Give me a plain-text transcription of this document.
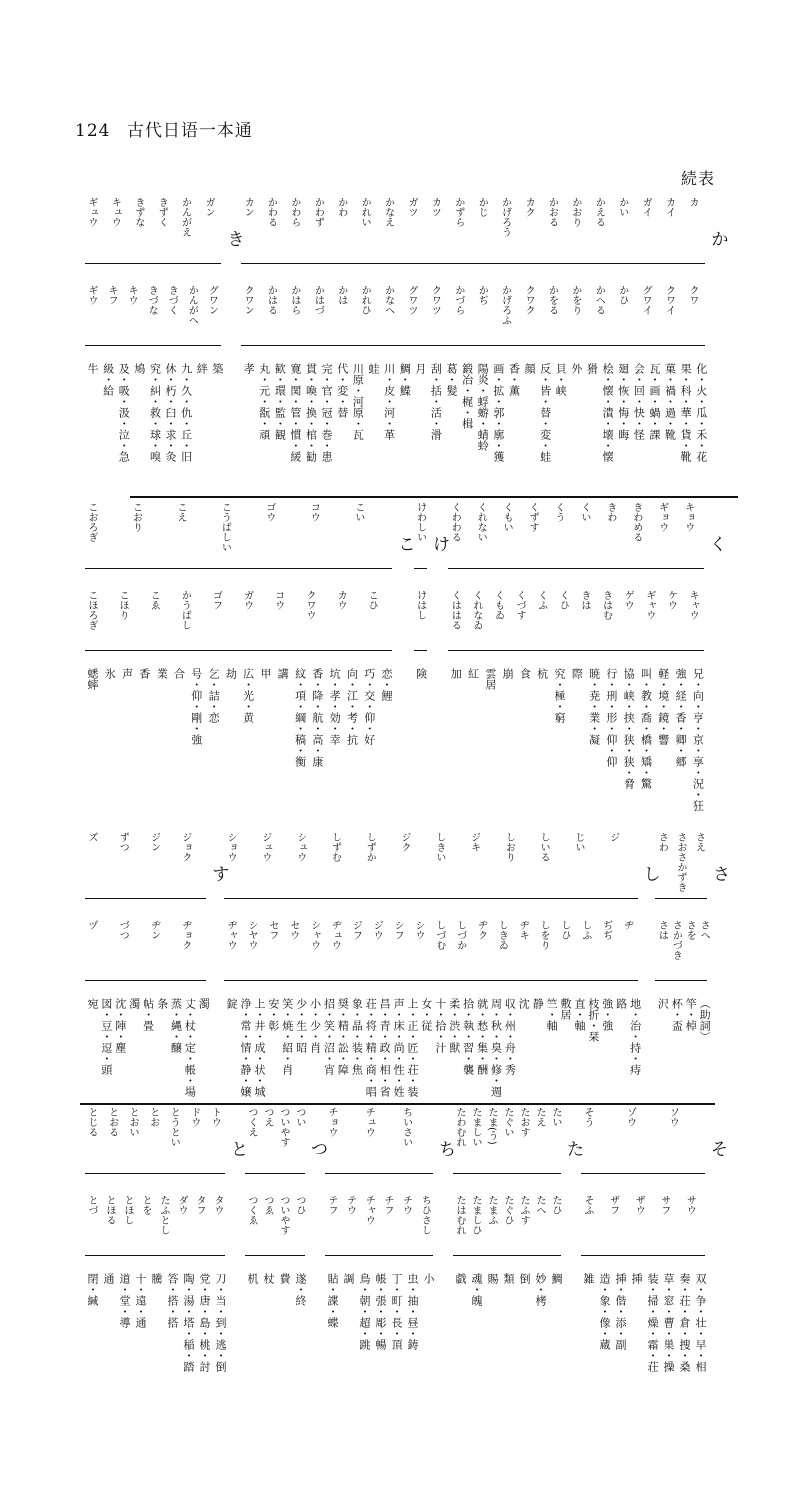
124 古代日语一本通
続表
か
カ
カイ
ガイ
かい
かえる
かおり
かおる
カク
かげろう
かじ
かずら
カツ
ガツ
かなえ
かれい
かわ
かわず
かわら
かわる
カン
クワ
クワイ
グワイ
かひ
かへる
かをり
かをる
クワク
かげろふ
かぢ
かづら
クワツ
グワツ
かなへ
かれひ
かは
かはづ
かはら
かはる
クワン
化・火・瓜・禾・花
果・科・華・貨・靴
菓・禍・過・靴
瓦・画・蝸・課
会・回・快・怪
廻・恢・悔・晦
桧・懐・潰・壊・懐
猾
外
貝・峡
反・皆・替・変・蛙
顔
香・薫
画・拡・郭・廓・獲
陽炎・蜉蝣・蜻蛉
鍛冶・梶・楫
葛・髪
刮・括・活・滑
月
鯛・鰈
川・皮・河・革
蛙
川原・河原・瓦
代・変・替
完・官・冠・巻・患
貫・喚・換・棺・勧
寛・関・管・慣・緩
歓・環・監・観
丸・元・翫・頑
孝
き
ガン
かんがえ
きずく
きずな
キュウ
ギュウ
グワン
かんがへ
きづく
きづな
キウ
キフ
ギウ
築
絆
九・久・仇・丘・旧
休・朽・臼・求・灸
究・糾・救・球・嗅
鳩
及・吸・汲・泣・急
級・給
牛
く
キョウ
ギョウ
きわめる
きわ
くい
くう
くずす
くもい
くれない
くわわる
キャウ
ケウ
ギャウ
ゲウ
きはむ
きは
くひ
くふ
くづす
くもゐ
くれなゐ
くははる
兄・向・亨・京・享・況・狂
強・経・香・卿・郷
軽・境・鏡・響
叫・教・喬・橋・矯・驚
協・峡・挟・狭・狭・脅
行・刑・形・仰・仰
暁・尭・業・凝
際
究・極・窮
杭
食
崩
雲居
紅
加
け
けわしい
けはし
険
こ
こい
コウ
ゴウ
こうばしい
こえ
こおり
こおろぎ
こひ
カウ
クワウ
コウ
ガウ
ゴフ
かうばし
こゑ
こほり
こほろぎ
恋・鯉
巧・交・仰・好
向・江・考・抗
坑・孝・効・幸
香・降・航・高・康
紋・項・綱・稿・衡
講
甲
広・光・黄
劫
乞・詰・恋
号・仰・剛・強
合
業
香
声
氷
蟋蟀
さ
さえ
さおさかずき
さわ
さへ
さを
さかづき
さは
（助詞）
竿・棹
杯・盃
沢
し
ジ
じい
しいる
しおり
ジキ
しきい
ジク
しずか
しずむ
シュウ
ジュウ
ショウ
ヂ
ぢぢ
しふ
しひ
しをり
ヂキ
しきゐ
ヂク
しづか
しづむ
シウ
シフ
ジウ
ジフ
ヂュウ
シャウ
セウ
セフ
シヤウ
ヂャウ
地・治・持・痔
路
強・強
枝折・栞
直・軸
敷居
竺・軸
静
沈
収・州・舟・秀
周・秋・臭・修・週
就・愁・集・酬
拾・執・習・襲
柔・渋・獣
十・拾・汁
女・従
上・正・匠・荘・装
声・床・尚・性・姓
昌・青・政・相・省
荘・将・精・商・唱
象・晶・装・焦
奨・精・訟・障
招・笑・沼・宵
小・少・肖
少・生・昭
笑・焼・紹・肖
安・彰
上・井・成・状・城
浄・常・情・静・嬢
錠
す
ジョク
ジン
ずつ
ズ
ヂョク
ヂン
づつ
ヅ
濁
丈・杖・定・帳・場
蒸・縄・醸
条
帖・畳
濁
沈・陣・塵
図・豆・逗・頭
宛
そ
ソウ
ゾウ
そう
サウ
サフ
ザウ
ザフ
そふ
双・争・壮・早・相
奏・荘・倉・捜・桑
草・窓・曹・巣・操
装・掃・燥・霜・荘
挿
挿・偕・添・副
造・象・像・蔵
雑
た
たい
たえ
たおす
たぐい
たま(う)
たましい
たわむれ
たひ
たへ
たふす
たぐひ
たまふ
たましひ
たはむれ
鯛
妙・栲
倒
類
賜
魂・魄
戯
ち
ちいさい
チュウ
チョウ
ちひさし
チウ
チフ
チャウ
テウ
テフ
小
虫・抽・昼・鋳
丁・町・長・頂
帳・張・彫・暢
鳥・朝・超・跳
調
貼・諜・蝶
つ
つい
ついやす
つえ
つくえ
つひ
ついやす
つゑ
つくゑ
遂・終
費
杖
机
と
トウ
ドウ
とうとい
とお
とおい
とおる
とじる
タウ
タフ
ダウ
たふとし
とを
とほし
とほる
とづ
刀・当・到・逃・倒
党・唐・島・桃・討
陶・湯・塔・稲・踏
答・搭・搭
騰
十・遠・通
道・堂・導
通
閉・緘
